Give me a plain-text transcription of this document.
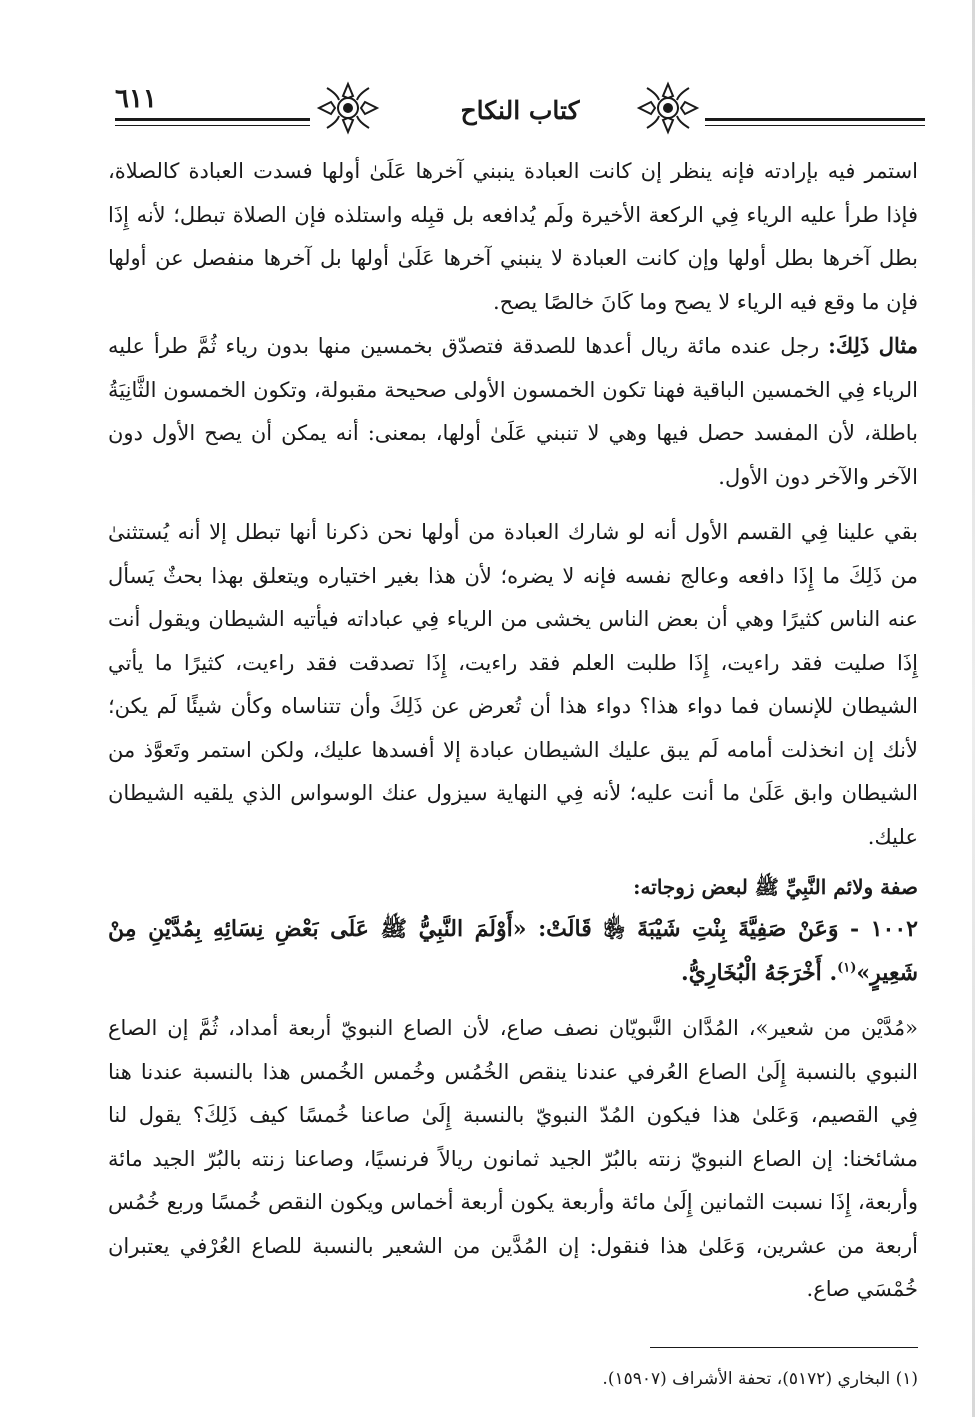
٦١١	كتاب النكاح

استمر فيه بإرادته فإنه ينظر إن كانت العبادة ينبني آخرها عَلَىٰ أولها فسدت العبادة كالصلاة، فإذا طرأ عليه الرياء فِي الركعة الأخيرة ولَم يُدافعه بل قبِله واستلذه فإن الصلاة تبطل؛ لأنه إِذَا بطل آخرها بطل أولها وإن كانت العبادة لا ينبني آخرها عَلَىٰ أولها بل آخرها منفصل عن أولها فإن ما وقع فيه الرياء لا يصح وما كَانَ خالصًا يصح.

مثال ذَلِكَ: رجل عنده مائة ريال أعدها للصدقة فتصدّق بخمسين منها بدون رياء ثُمَّ طرأ عليه الرياء فِي الخمسين الباقية فهنا تكون الخمسون الأولى صحيحة مقبولة، وتكون الخمسون الثَّانِيَةُ باطلة، لأن المفسد حصل فيها وهي لا تنبني عَلَىٰ أولها، بمعنى: أنه يمكن أن يصح الأول دون الآخر والآخر دون الأول.

بقي علينا فِي القسم الأول أنه لو شارك العبادة من أولها نحن ذكرنا أنها تبطل إلا أنه يُستثنىٰ من ذَلِكَ ما إِذَا دافعه وعالج نفسه فإنه لا يضره؛ لأن هذا بغير اختياره ويتعلق بهذا بحثٌ يَسأل عنه الناس كثيرًا وهي أن بعض الناس يخشى من الرياء فِي عباداته فيأتيه الشيطان ويقول أنت إِذَا صليت فقد راءيت، إِذَا طلبت العلم فقد راءيت، إِذَا تصدقت فقد راءيت، كثيرًا ما يأتي الشيطان للإنسان فما دواء هذا؟ دواء هذا أن تُعرض عن ذَلِكَ وأن تتناساه وكأن شيئًا لَم يكن؛ لأنك إن انخذلت أمامه لَم يبق عليك الشيطان عبادة إلا أفسدها عليك، ولكن استمر وتَعوَّذ من الشيطان وابق عَلَىٰ ما أنت عليه؛ لأنه فِي النهاية سيزول عنك الوسواس الذي يلقيه الشيطان عليك.

صفة ولائم النَّبِيِّ ﷺ لبعض زوجاته:

١٠٠٢ - وَعَنْ صَفِيَّةَ بِنْتِ شَيْبَةَ ﵂ قَالَتْ: «أَوْلَمَ النَّبِيُّ ﷺ عَلَى بَعْضِ نِسَائِهِ بِمُدَّيْنِ مِنْ شَعِيرٍ»$^{(١)}$. أَخْرَجَهُ الْبُخَارِيُّ.

«مُدَّيْن من شعير»، المُدَّان النَّبويّان نصف صاع، لأن الصاع النبويّ أربعة أمداد، ثُمَّ إن الصاع النبوي بالنسبة إِلَىٰ الصاع العُرفي عندنا ينقص الخُمُس وخُمس الخُمس هذا بالنسبة عندنا هنا فِي القصيم، وَعَلىٰ هذا فيكون المُدّ النبويّ بالنسبة إِلَىٰ صاعنا خُمسًا كيف ذَلِكَ؟ يقول لنا مشائخنا: إن الصاع النبويّ زنته بالبُرّ الجيد ثمانون ريالاً فرنسيًا، وصاعنا زنته بالبُرّ الجيد مائة وأربعة، إِذَا نسبت الثمانين إِلَىٰ مائة وأربعة يكون أربعة أخماس ويكون النقص خُمسًا وربع خُمُس أربعة من عشرين، وَعَلىٰ هذا فنقول: إن المُدَّين من الشعير بالنسبة للصاع العُرْفي يعتبران خُمْسَي صاع.

(١) البخاري (٥١٧٢)، تحفة الأشراف (١٥٩٠٧).
